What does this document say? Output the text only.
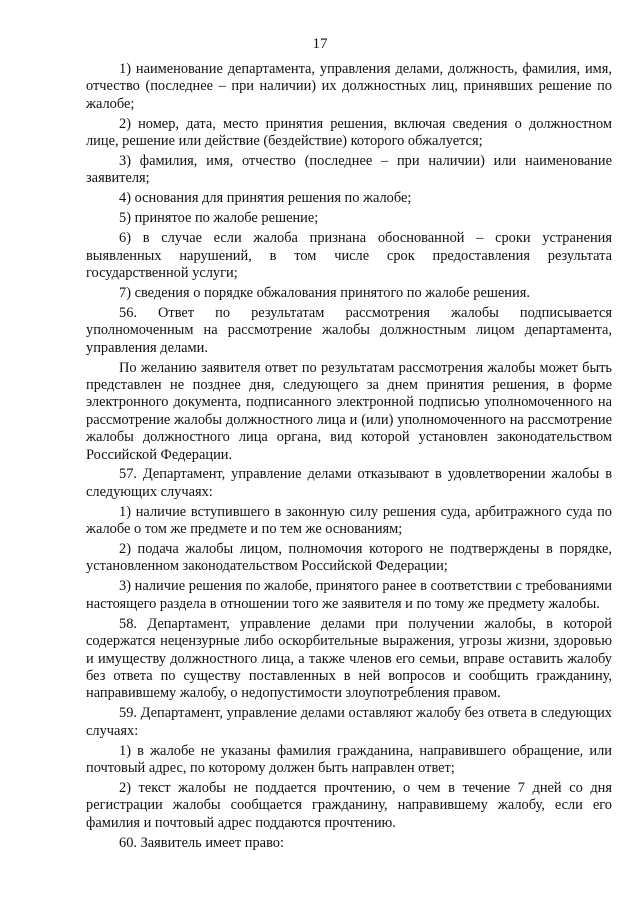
17

1) наименование департамента, управления делами, должность, фамилия, имя, отчество (последнее – при наличии) их должностных лиц, принявших решение по жалобе;

2) номер, дата, место принятия решения, включая сведения о должностном лице, решение или действие (бездействие) которого обжалуется;

3) фамилия, имя, отчество (последнее – при наличии) или наименование заявителя;

4) основания для принятия решения по жалобе;

5) принятое по жалобе решение;

6) в случае если жалоба признана обоснованной – сроки устранения выявленных нарушений, в том числе срок предоставления результата государственной услуги;

7) сведения о порядке обжалования принятого по жалобе решения.

56. Ответ по результатам рассмотрения жалобы подписывается уполномоченным на рассмотрение жалобы должностным лицом департамента, управления делами.

По желанию заявителя ответ по результатам рассмотрения жалобы может быть представлен не позднее дня, следующего за днем принятия решения, в форме электронного документа, подписанного электронной подписью уполномоченного на рассмотрение жалобы должностного лица и (или) уполномоченного на рассмотрение жалобы должностного лица органа, вид которой установлен законодательством Российской Федерации.

57. Департамент, управление делами отказывают в удовлетворении жалобы в следующих случаях:

1) наличие вступившего в законную силу решения суда, арбитражного суда по жалобе о том же предмете и по тем же основаниям;

2) подача жалобы лицом, полномочия которого не подтверждены в порядке, установленном законодательством Российской Федерации;

3) наличие решения по жалобе, принятого ранее в соответствии с требованиями настоящего раздела в отношении того же заявителя и по тому же предмету жалобы.

58. Департамент, управление делами при получении жалобы, в которой содержатся нецензурные либо оскорбительные выражения, угрозы жизни, здоровью и имуществу должностного лица, а также членов его семьи, вправе оставить жалобу без ответа по существу поставленных в ней вопросов и сообщить гражданину, направившему жалобу, о недопустимости злоупотребления правом.

59. Департамент, управление делами оставляют жалобу без ответа в следующих случаях:

1) в жалобе не указаны фамилия гражданина, направившего обращение, или почтовый адрес, по которому должен быть направлен ответ;

2) текст жалобы не поддается прочтению, о чем в течение 7 дней со дня регистрации жалобы сообщается гражданину, направившему жалобу, если его фамилия и почтовый адрес поддаются прочтению.

60. Заявитель имеет право:
